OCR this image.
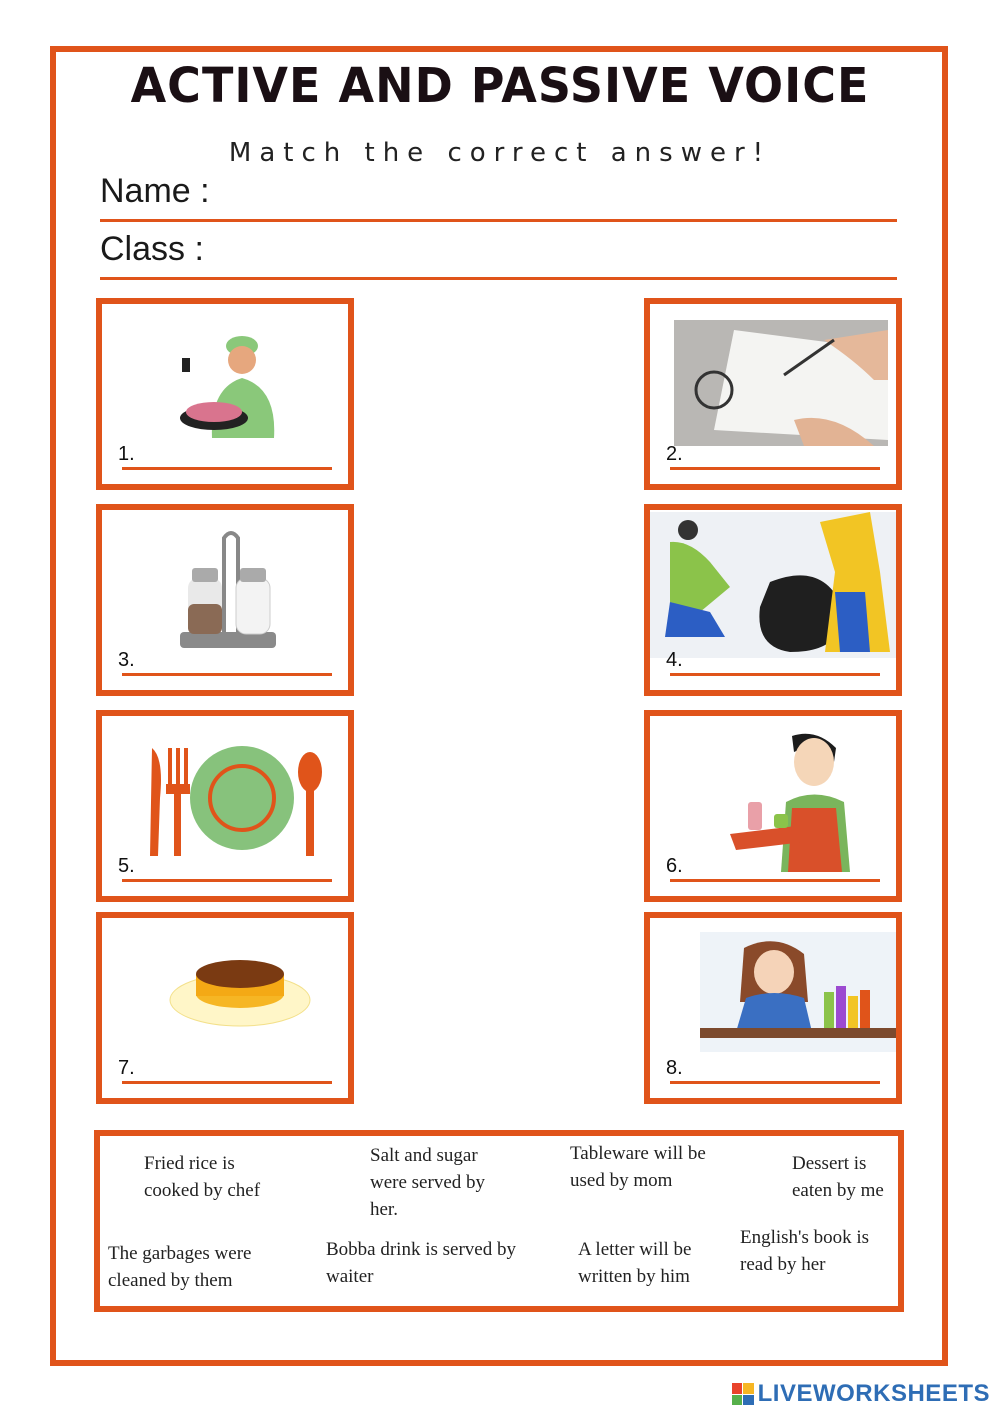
ACTIVE AND PASSIVE VOICE
Match the correct answer!
Name :
Class :
1.	2.
3.	4.
5.	6.
7.	8.
Fried rice is
cooked by chef
Salt and sugar
were served by
her.
Tableware will be
used by mom
Dessert is
eaten by me
The garbages were
cleaned by them
Bobba drink is served by
waiter
A letter will be
written by him
English's book is
read by her
LIVEWORKSHEETS
